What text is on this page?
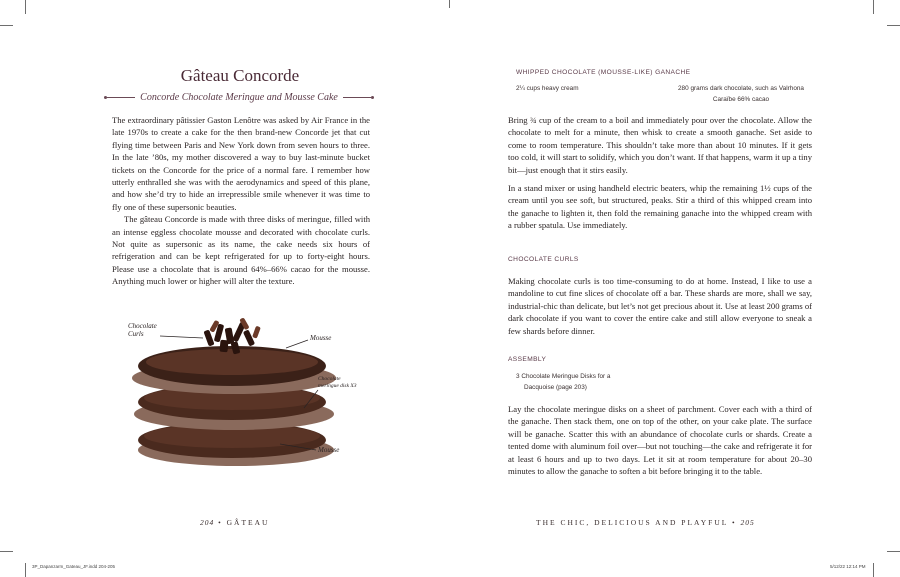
Gâteau Concorde
Concorde Chocolate Meringue and Mousse Cake

The extraordinary pâtissier Gaston Lenôtre was asked by Air France in the late 1970s to create a cake for the then brand-new Concorde jet that cut flying time between Paris and New York down from seven hours to three. In the late ’80s, my mother discovered a way to buy last-minute bucket tickets on the Concorde for the price of a normal fare. I remember how utterly enthralled she was with the aerodynamics and speed of this plane, and how she’d try to hide an irrepressible smile whenever it was time to fly one of these supersonic beauties.

The gâteau Concorde is made with three disks of meringue, filled with an intense eggless chocolate mousse and decorated with chocolate curls. Not quite as supersonic as its name, the cake needs six hours of refrigeration and can be kept refrigerated for up to forty-eight hours. Please use a chocolate that is around 64%–66% cacao for the mousse. Anything much lower or higher will alter the texture.

Chocolate Curls	Mousse
Chocolate meringue disk X3
Mousse
204 • GÂTEAU
WHIPPED CHOCOLATE (MOUSSE-LIKE) GANACHE
2¼ cups heavy cream	280 grams dark chocolate, such as Valrhona Caraïbe 66% cacao

Bring ¾ cup of the cream to a boil and immediately pour over the chocolate. Allow the chocolate to melt for a minute, then whisk to create a smooth ganache. Set aside to come to room temperature. This shouldn’t take more than about 10 minutes. If it gets too cold, it will start to solidify, which you don’t want. If that happens, warm it up a tiny bit—just enough that it stirs easily.

In a stand mixer or using handheld electric beaters, whip the remaining 1½ cups of the cream until you see soft, but structured, peaks. Stir a third of this whipped cream into the ganache to lighten it, then fold the remaining ganache into the whipped cream with a rubber spatula. Use immediately.

CHOCOLATE CURLS
Making chocolate curls is too time-consuming to do at home. Instead, I like to use a mandoline to cut fine slices of chocolate off a bar. These shards are more, shall we say, industrial-chic than delicate, but let’s not get precious about it. Use at least 200 grams of dark chocolate if you want to cover the entire cake and still allow everyone to sneak a few shards before dinner.
ASSEMBLY
3 Chocolate Meringue Disks for a
Dacquoise (page 203)
Lay the chocolate meringue disks on a sheet of parchment. Cover each with a third of the ganache. Then stack them, one on top of the other, on your cake plate. The surface will be ganache. Scatter this with an abundance of chocolate curls or shards. Create a tented dome with aluminum foil over—but not touching—the cake and refrigerate it for at least 6 hours and up to two days. Let it sit at room temperature for about 20–30 minutes to allow the ganache to soften a bit before bringing it to the table.
THE CHIC, DELICIOUS AND PLAYFUL • 205
3P_Dapanzarm_Gateau_JF.indd 204-205	5/12/22 12:14 PM
